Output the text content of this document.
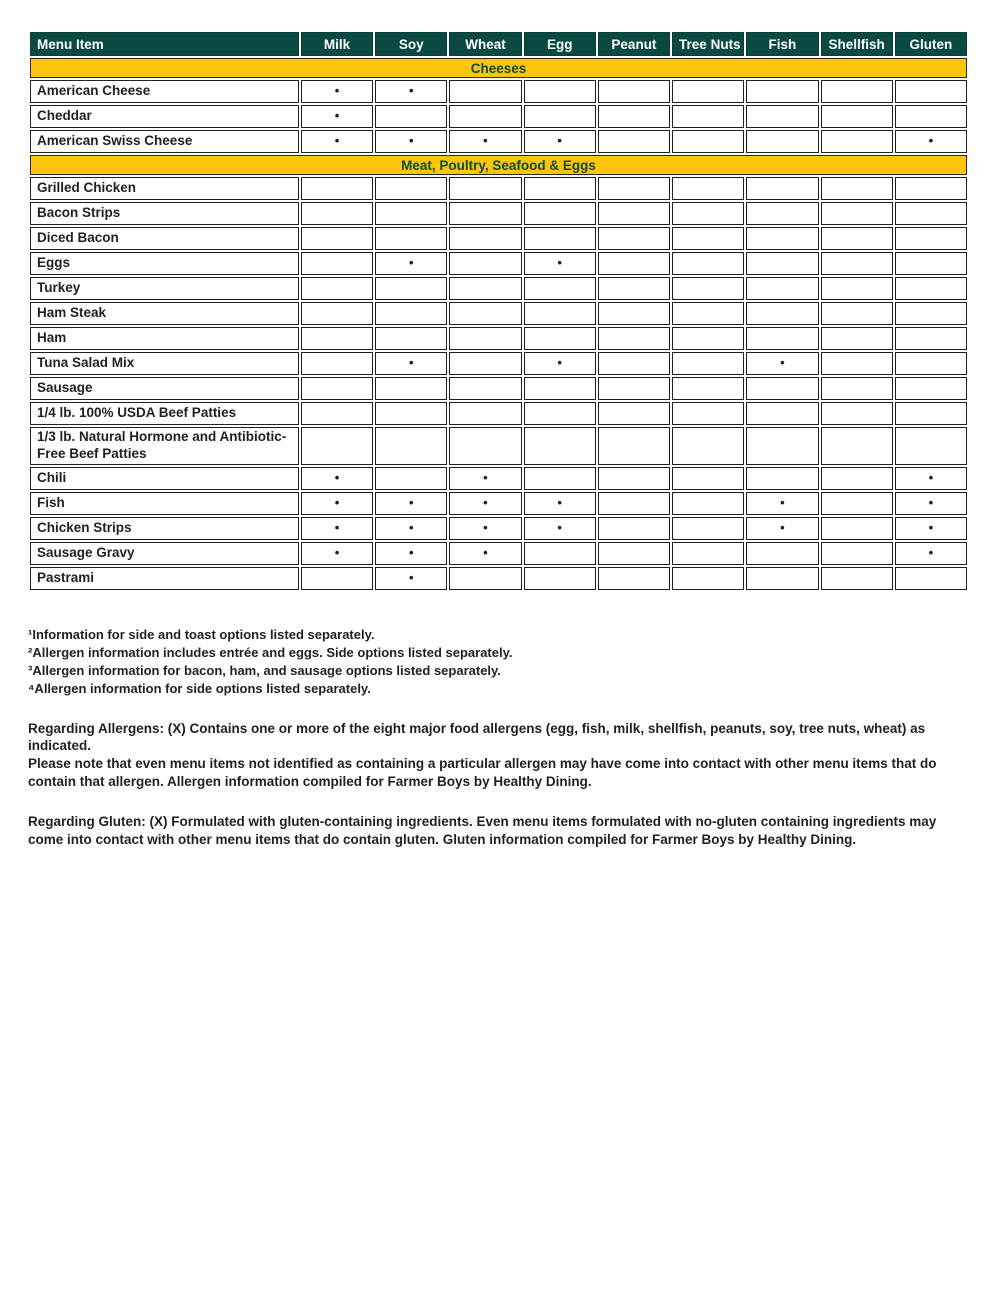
Menu Item	Milk	Soy	Wheat	Egg	Peanut	Tree Nuts	Fish	Shellfish	Gluten
Cheeses									
American Cheese	•	•							
Cheddar	•								
American Swiss Cheese	•	•	•	•					•
Meat, Poultry, Seafood & Eggs									
Grilled Chicken									
Bacon Strips									
Diced Bacon									
Eggs		•		•					
Turkey									
Ham Steak									
Ham									
Tuna Salad Mix		•		•			•		
Sausage									
1/4 lb. 100% USDA Beef Patties									
1/3 lb. Natural Hormone and Antibiotic-Free Beef Patties									
Chili	•		•						•
Fish	•	•	•	•			•		•
Chicken Strips	•	•	•	•			•		•
Sausage Gravy	•	•	•						•
Pastrami		•							
¹Information for side and toast options listed separately.
²Allergen information includes entrée and eggs. Side options listed separately.
³Allergen information for bacon, ham, and sausage options listed separately.
⁴Allergen information for side options listed separately.

Regarding Allergens: (X) Contains one or more of the eight major food allergens (egg, fish, milk, shellfish, peanuts, soy, tree nuts, wheat) as indicated.

Please note that even menu items not identified as containing a particular allergen may have come into contact with other menu items that do contain that allergen. Allergen information compiled for Farmer Boys by Healthy Dining.

Regarding Gluten: (X) Formulated with gluten-containing ingredients. Even menu items formulated with no-gluten containing ingredients may come into contact with other menu items that do contain gluten. Gluten information compiled for Farmer Boys by Healthy Dining.
